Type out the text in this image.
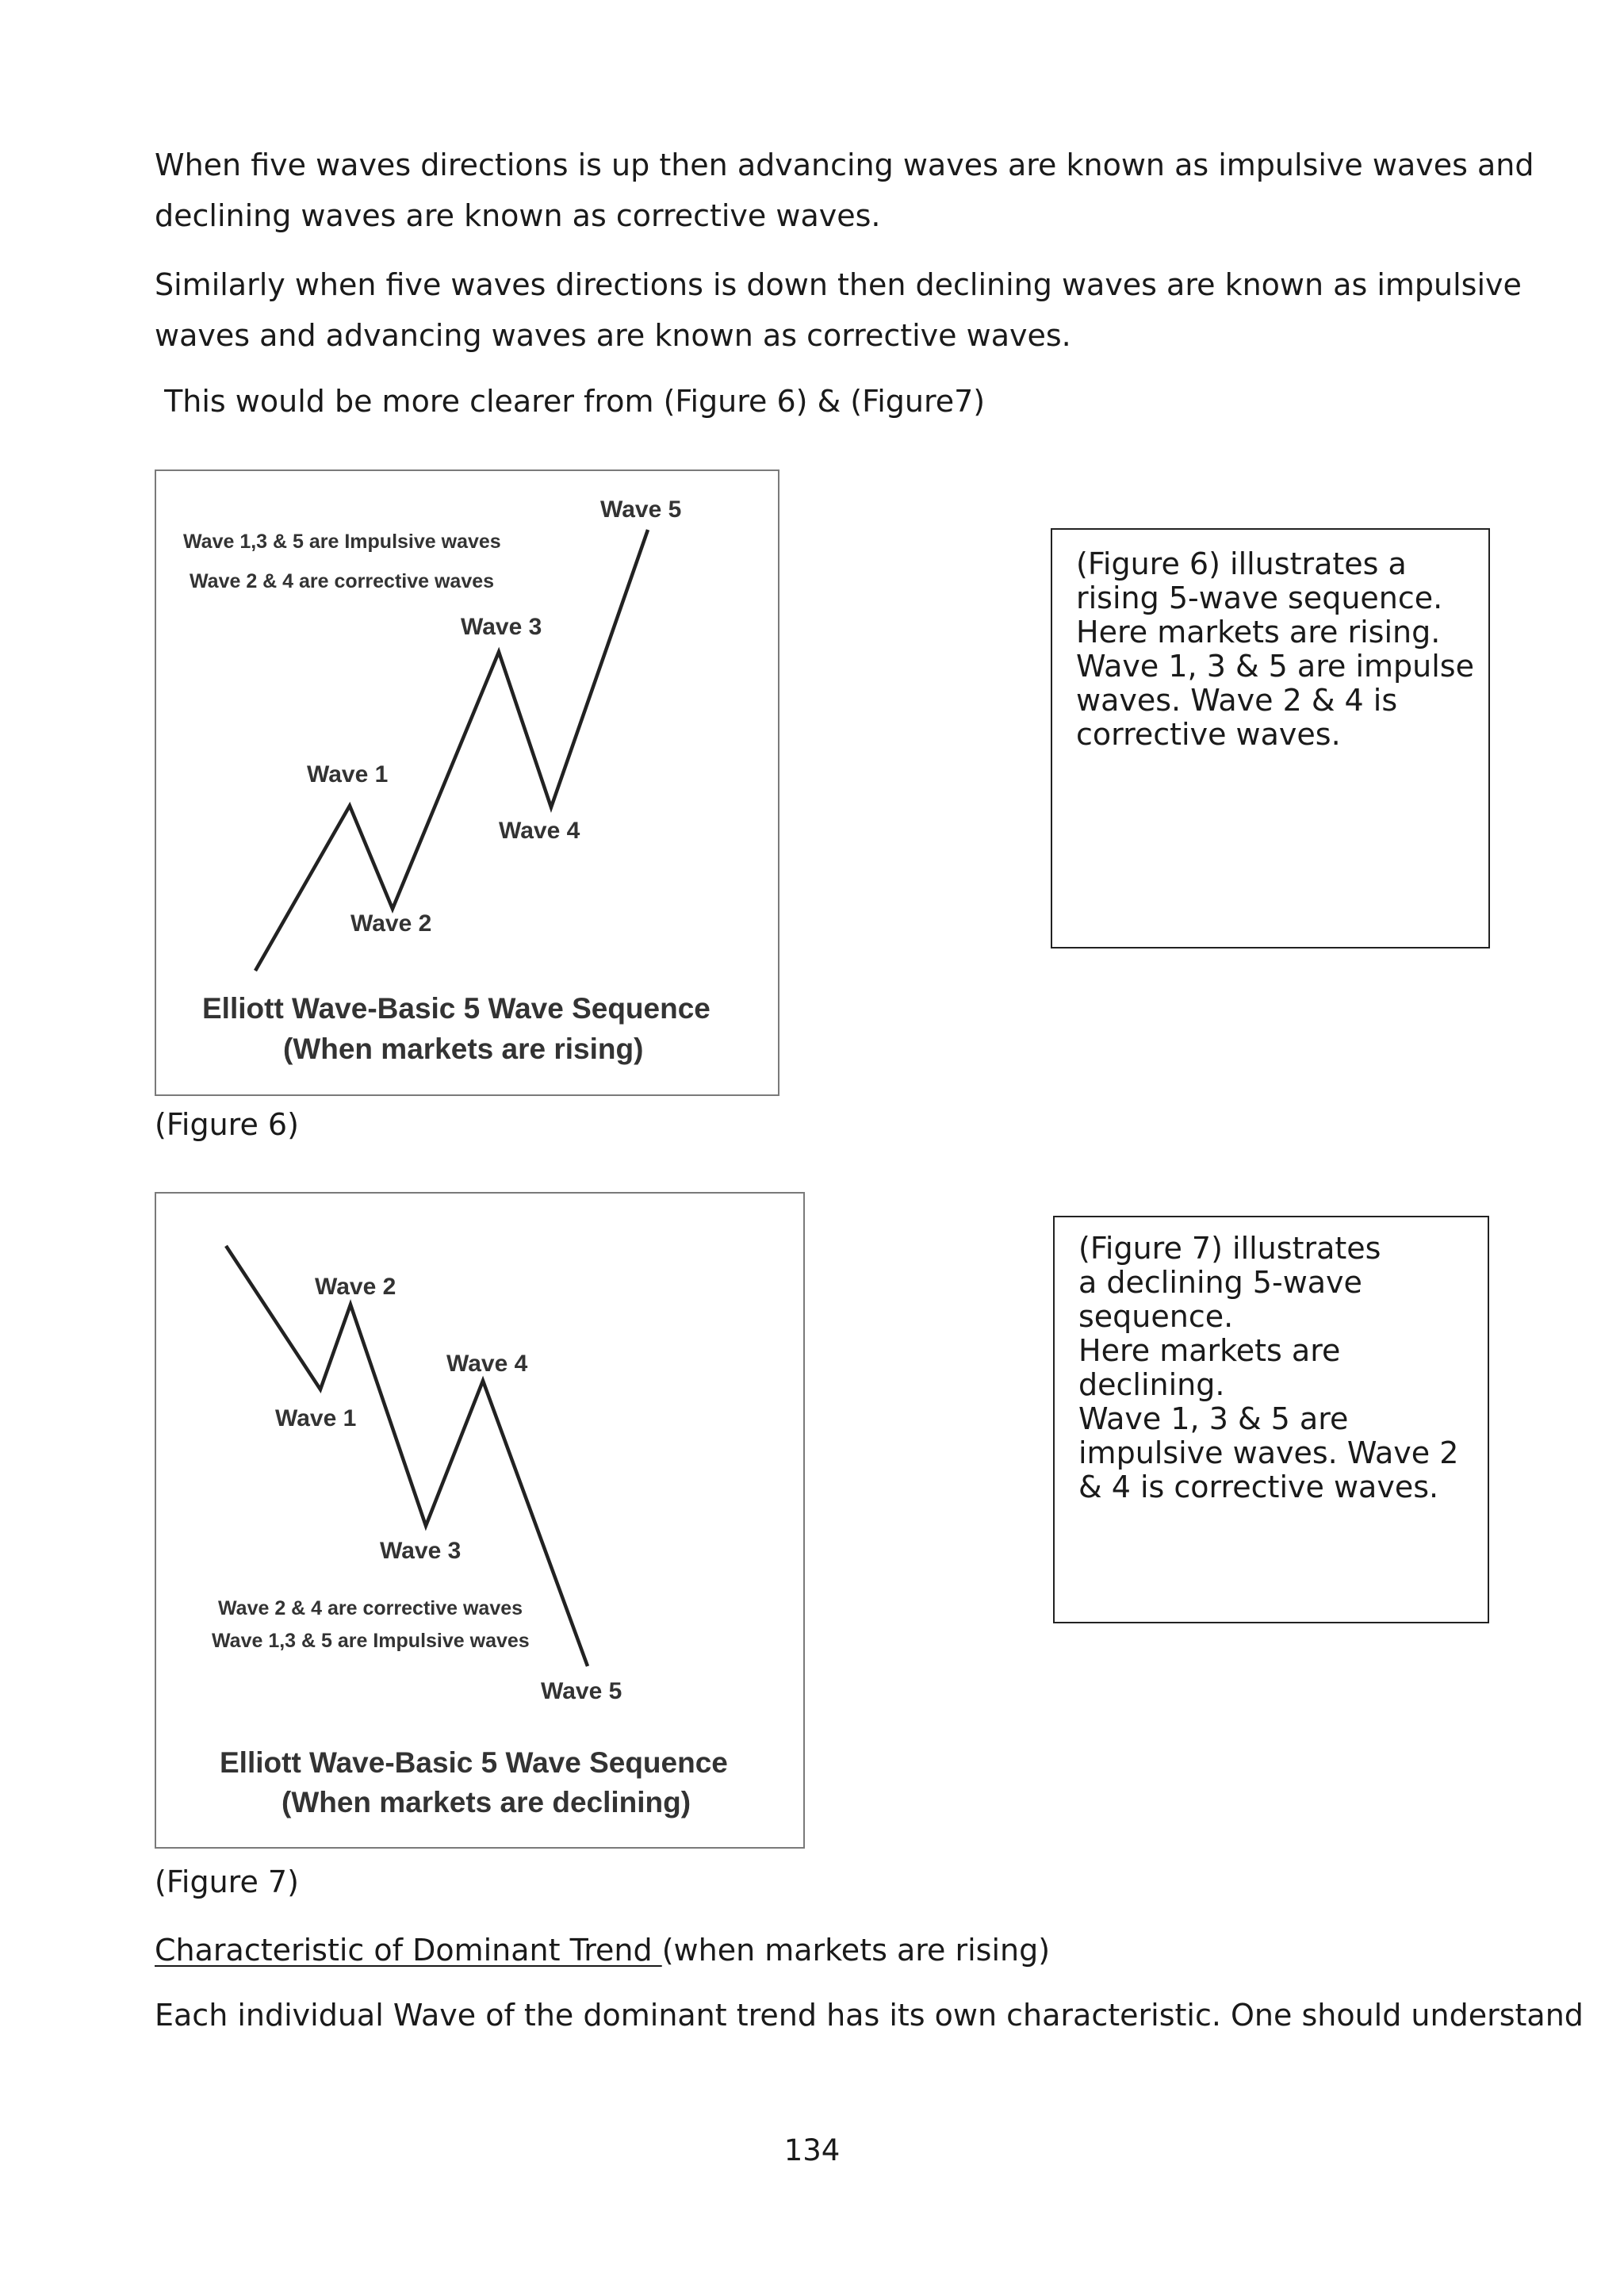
When five waves directions is up then advancing waves are known as impulsive waves and
declining waves are known as corrective waves.
Similarly when five waves directions is down then declining waves are known as impulsive
waves and advancing waves are known as corrective waves.
This would be more clearer from (Figure 6) & (Figure7)
Wave 1,3 & 5 are Impulsive waves
Wave 2 & 4 are corrective waves
Wave 5
Wave 3
Wave 1
Wave 4
Wave 2
Elliott Wave-Basic 5 Wave Sequence
(When markets are rising)
(Figure 6) illustrates a
rising 5-wave sequence.
Here markets are rising.
Wave 1, 3 & 5 are impulse
waves. Wave 2 & 4 is
corrective waves.
(Figure 6)
Wave 2
Wave 4
Wave 1
Wave 3
Wave 2 & 4 are corrective waves
Wave 1,3 & 5 are Impulsive waves
Wave 5
Elliott Wave-Basic 5 Wave Sequence
(When markets are declining)
(Figure 7) illustrates
a declining 5-wave
sequence.
Here markets are
declining.
Wave 1, 3 & 5 are
impulsive waves. Wave 2
& 4 is corrective waves.
(Figure 7)
Characteristic of Dominant Trend (when markets are rising)
Each individual Wave of the dominant trend has its own characteristic. One should understand
134
